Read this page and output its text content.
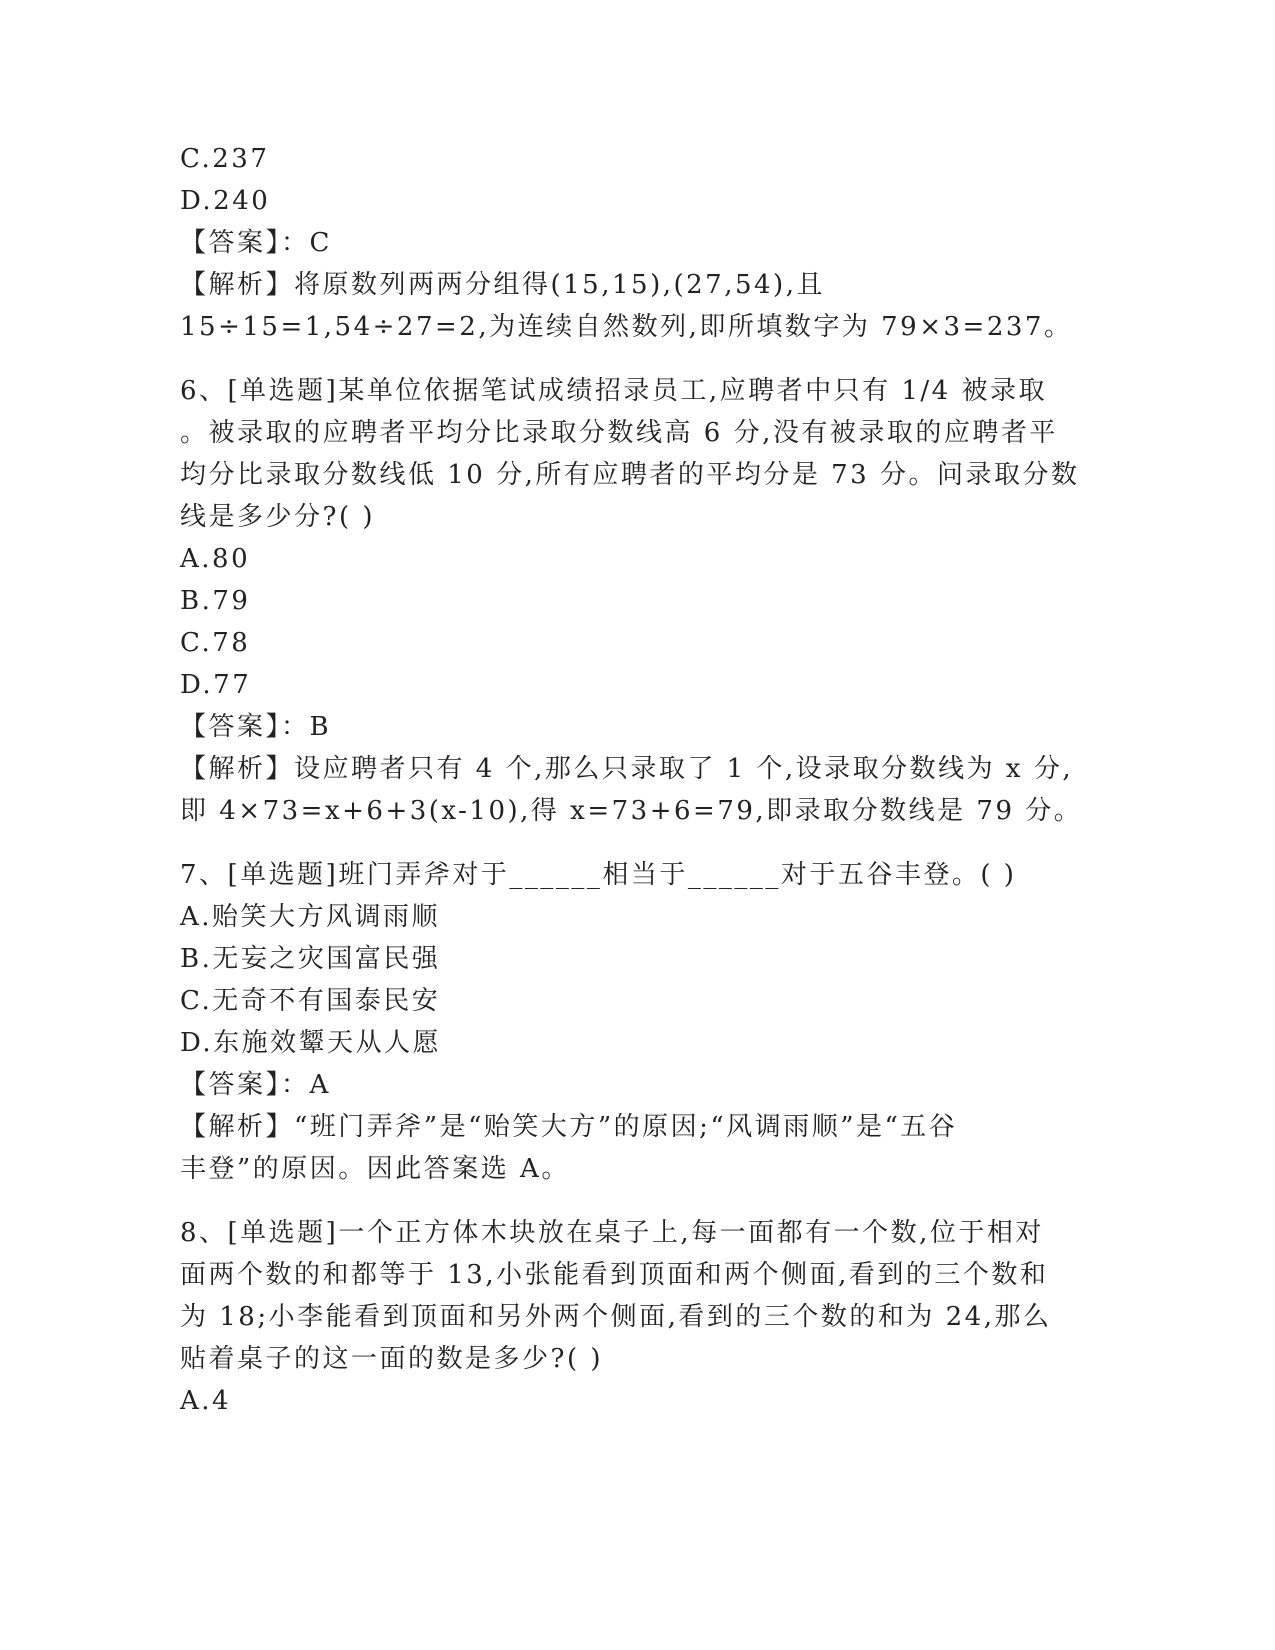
C.237
D.240
【答案】：C
【解析】将原数列两两分组得(15,15),(27,54),且
15÷15=1,54÷27=2,为连续自然数列,即所填数字为 79×3=237。
6、[单选题]某单位依据笔试成绩招录员工,应聘者中只有 1/4 被录取
。被录取的应聘者平均分比录取分数线高 6 分,没有被录取的应聘者平
均分比录取分数线低 10 分,所有应聘者的平均分是 73 分。问录取分数
线是多少分?( )
A.80
B.79
C.78
D.77
【答案】：B
【解析】设应聘者只有 4 个,那么只录取了 1 个,设录取分数线为 x 分,
即 4×73=x+6+3(x-10),得 x=73+6=79,即录取分数线是 79 分。
7、[单选题]班门弄斧对于______相当于______对于五谷丰登。( )
A.贻笑大方风调雨顺
B.无妄之灾国富民强
C.无奇不有国泰民安
D.东施效颦天从人愿
【答案】：A
【解析】“班门弄斧”是“贻笑大方”的原因;“风调雨顺”是“五谷
丰登”的原因。因此答案选 A。
8、[单选题]一个正方体木块放在桌子上,每一面都有一个数,位于相对
面两个数的和都等于 13,小张能看到顶面和两个侧面,看到的三个数和
为 18;小李能看到顶面和另外两个侧面,看到的三个数的和为 24,那么
贴着桌子的这一面的数是多少?( )
A.4
